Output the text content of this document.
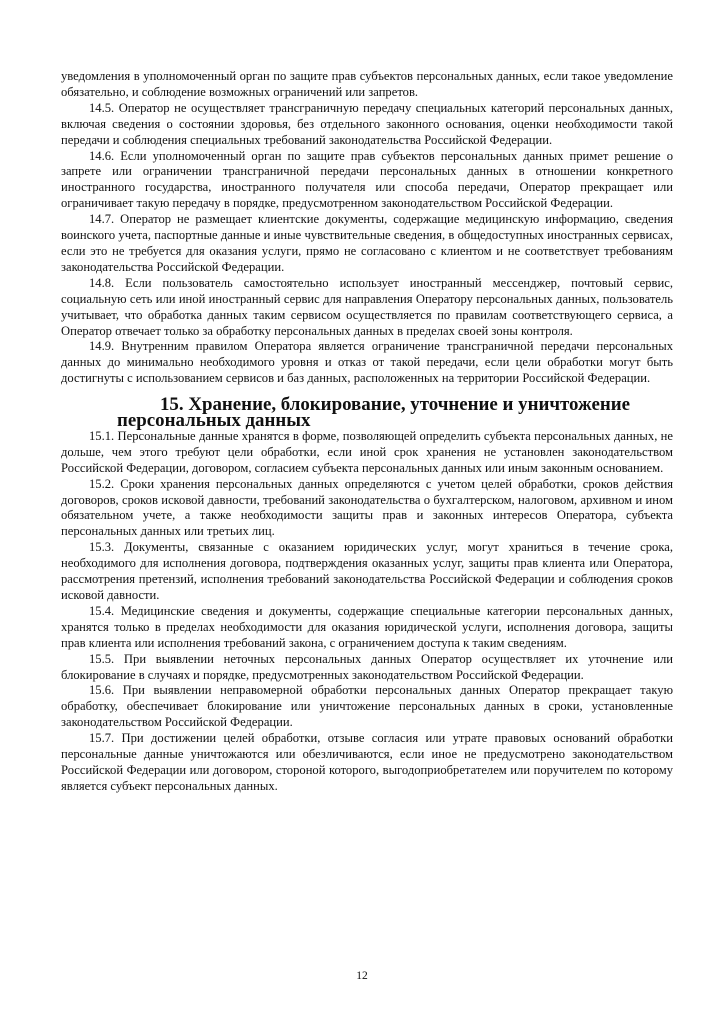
уведомления в уполномоченный орган по защите прав субъектов персональных данных, если такое уведомление обязательно, и соблюдение возможных ограничений или запретов.

14.5. Оператор не осуществляет трансграничную передачу специальных категорий персональных данных, включая сведения о состоянии здоровья, без отдельного законного основания, оценки необходимости такой передачи и соблюдения специальных требований законодательства Российской Федерации.

14.6. Если уполномоченный орган по защите прав субъектов персональных данных примет решение о запрете или ограничении трансграничной передачи персональных данных в отношении конкретного иностранного государства, иностранного получателя или способа передачи, Оператор прекращает или ограничивает такую передачу в порядке, предусмотренном законодательством Российской Федерации.

14.7. Оператор не размещает клиентские документы, содержащие медицинскую информацию, сведения воинского учета, паспортные данные и иные чувствительные сведения, в общедоступных иностранных сервисах, если это не требуется для оказания услуги, прямо не согласовано с клиентом и не соответствует требованиям законодательства Российской Федерации.

14.8. Если пользователь самостоятельно использует иностранный мессенджер, почтовый сервис, социальную сеть или иной иностранный сервис для направления Оператору персональных данных, пользователь учитывает, что обработка данных таким сервисом осуществляется по правилам соответствующего сервиса, а Оператор отвечает только за обработку персональных данных в пределах своей зоны контроля.

14.9. Внутренним правилом Оператора является ограничение трансграничной передачи персональных данных до минимально необходимого уровня и отказ от такой передачи, если цели обработки могут быть достигнуты с использованием сервисов и баз данных, расположенных на территории Российской Федерации.

15. Хранение, блокирование, уточнение и уничтожение персональных данных

15.1. Персональные данные хранятся в форме, позволяющей определить субъекта персональных данных, не дольше, чем этого требуют цели обработки, если иной срок хранения не установлен законодательством Российской Федерации, договором, согласием субъекта персональных данных или иным законным основанием.

15.2. Сроки хранения персональных данных определяются с учетом целей обработки, сроков действия договоров, сроков исковой давности, требований законодательства о бухгалтерском, налоговом, архивном и ином обязательном учете, а также необходимости защиты прав и законных интересов Оператора, субъекта персональных данных или третьих лиц.

15.3. Документы, связанные с оказанием юридических услуг, могут храниться в течение срока, необходимого для исполнения договора, подтверждения оказанных услуг, защиты прав клиента или Оператора, рассмотрения претензий, исполнения требований законодательства Российской Федерации и соблюдения сроков исковой давности.

15.4. Медицинские сведения и документы, содержащие специальные категории персональных данных, хранятся только в пределах необходимости для оказания юридической услуги, исполнения договора, защиты прав клиента или исполнения требований закона, с ограничением доступа к таким сведениям.

15.5. При выявлении неточных персональных данных Оператор осуществляет их уточнение или блокирование в случаях и порядке, предусмотренных законодательством Российской Федерации.

15.6. При выявлении неправомерной обработки персональных данных Оператор прекращает такую обработку, обеспечивает блокирование или уничтожение персональных данных в сроки, установленные законодательством Российской Федерации.

15.7. При достижении целей обработки, отзыве согласия или утрате правовых оснований обработки персональные данные уничтожаются или обезличиваются, если иное не предусмотрено законодательством Российской Федерации или договором, стороной которого, выгодоприобретателем или поручителем по которому является субъект персональных данных.

12
